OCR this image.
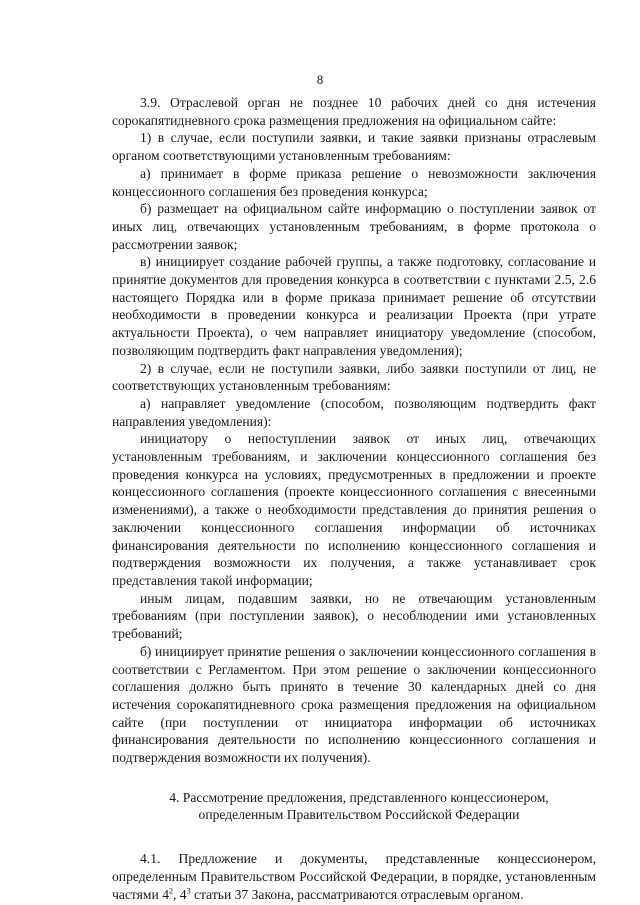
8

3.9. Отраслевой орган не позднее 10 рабочих дней со дня истечения сорокапятидневного срока размещения предложения на официальном сайте:

1) в случае, если поступили заявки, и такие заявки признаны отраслевым органом соответствующими установленным требованиям:

а) принимает в форме приказа решение о невозможности заключения концессионного соглашения без проведения конкурса;

б) размещает на официальном сайте информацию о поступлении заявок от иных лиц, отвечающих установленным требованиям, в форме протокола о рассмотрении заявок;

в) инициирует создание рабочей группы, а также подготовку, согласование и принятие документов для проведения конкурса в соответствии с пунктами 2.5, 2.6 настоящего Порядка или в форме приказа принимает решение об отсутствии необходимости в проведении конкурса и реализации Проекта (при утрате актуальности Проекта), о чем направляет инициатору уведомление (способом, позволяющим подтвердить факт направления уведомления);

2) в случае, если не поступили заявки, либо заявки поступили от лиц, не соответствующих установленным требованиям:

а) направляет уведомление (способом, позволяющим подтвердить факт направления уведомления):

инициатору о непоступлении заявок от иных лиц, отвечающих установленным требованиям, и заключении концессионного соглашения без проведения конкурса на условиях, предусмотренных в предложении и проекте концессионного соглашения (проекте концессионного соглашения с внесенными изменениями), а также о необходимости представления до принятия решения о заключении концессионного соглашения информации об источниках финансирования деятельности по исполнению концессионного соглашения и подтверждения возможности их получения, а также устанавливает срок представления такой информации;

иным лицам, подавшим заявки, но не отвечающим установленным требованиям (при поступлении заявок), о несоблюдении ими установленных требований;

б) инициирует принятие решения о заключении концессионного соглашения в соответствии с Регламентом. При этом решение о заключении концессионного соглашения должно быть принято в течение 30 календарных дней со дня истечения сорокапятидневного срока размещения предложения на официальном сайте (при поступлении от инициатора информации об источниках финансирования деятельности по исполнению концессионного соглашения и подтверждения возможности их получения).

4. Рассмотрение предложения, представленного концессионером,
определенным Правительством Российской Федерации

4.1. Предложение и документы, представленные концессионером, определенным Правительством Российской Федерации, в порядке, установленным частями $4^2$, $4^3$ статьи 37 Закона, рассматриваются отраслевым органом.
